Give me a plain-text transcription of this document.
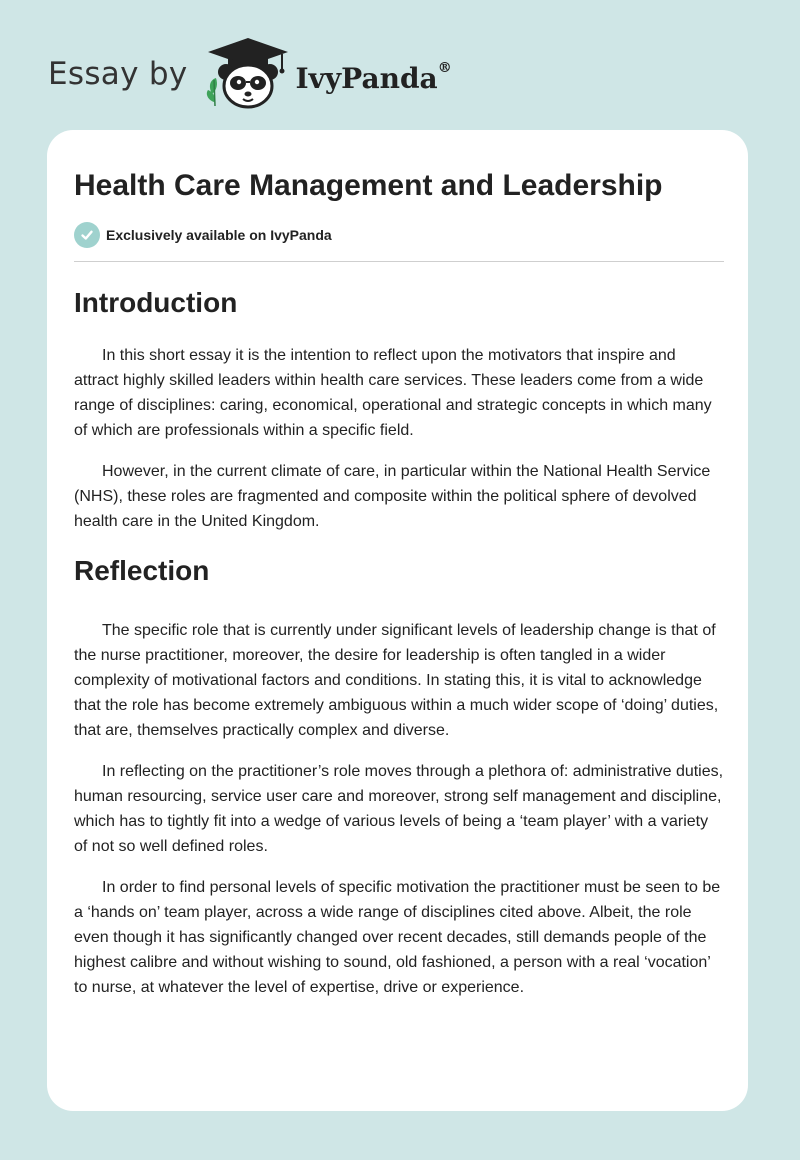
Essay by	IvyPanda®
Health Care Management and Leadership
Exclusively available on IvyPanda
Introduction

In this short essay it is the intention to reflect upon the motivators that inspire and attract highly skilled leaders within health care services. These leaders come from a wide range of disciplines: caring, economical, operational and strategic concepts in which many of which are professionals within a specific field.

However, in the current climate of care, in particular within the National Health Service (NHS), these roles are fragmented and composite within the political sphere of devolved health care in the United Kingdom.

Reflection

The specific role that is currently under significant levels of leadership change is that of the nurse practitioner, moreover, the desire for leadership is often tangled in a wider complexity of motivational factors and conditions. In stating this, it is vital to acknowledge that the role has become extremely ambiguous within a much wider scope of ‘doing’ duties, that are, themselves practically complex and diverse.

In reflecting on the practitioner’s role moves through a plethora of: administrative duties, human resourcing, service user care and moreover, strong self management and discipline, which has to tightly fit into a wedge of various levels of being a ‘team player’ with a variety of not so well defined roles.

In order to find personal levels of specific motivation the practitioner must be seen to be a ‘hands on’ team player, across a wide range of disciplines cited above. Albeit, the role even though it has significantly changed over recent decades, still demands people of the highest calibre and without wishing to sound, old fashioned, a person with a real ‘vocation’ to nurse, at whatever the level of expertise, drive or experience.
